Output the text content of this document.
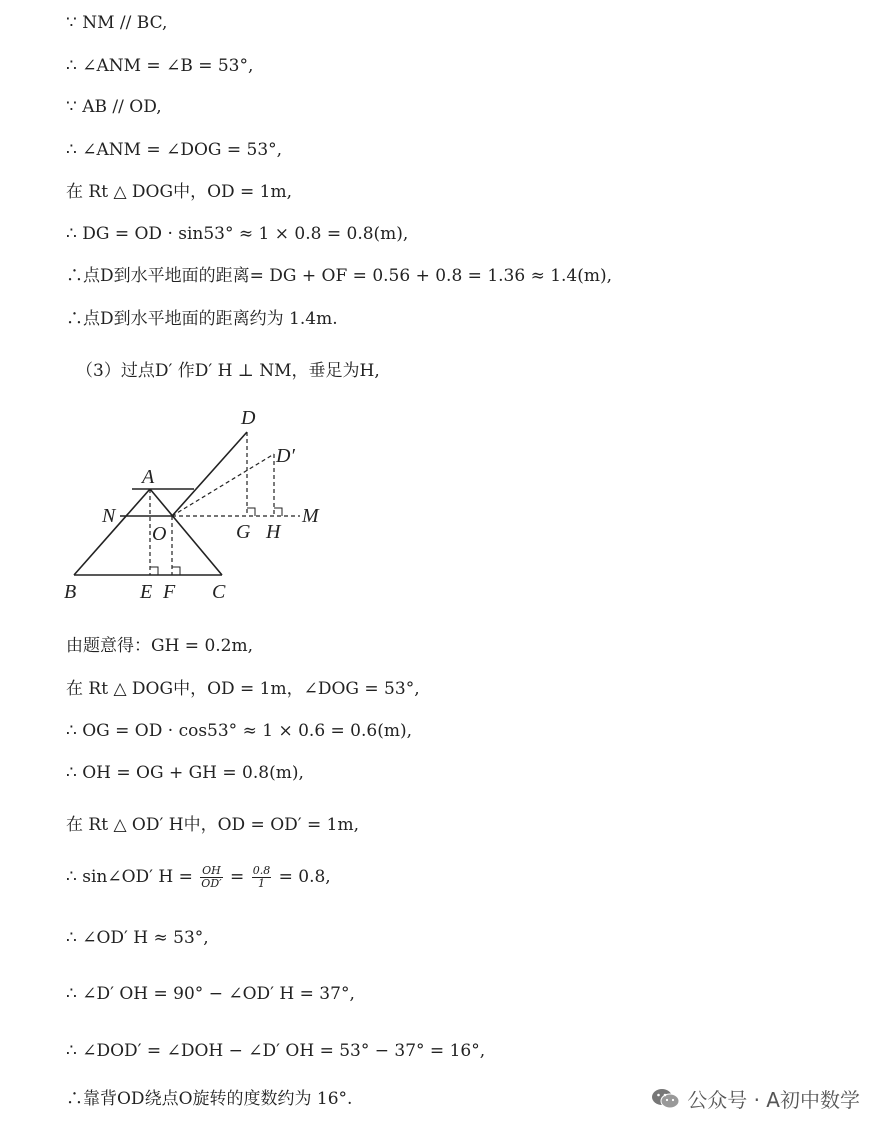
∵ NM // BC,
∴ ∠ANM = ∠B = 53°,
∵ AB // OD,
∴ ∠ANM = ∠DOG = 53°,
在 Rt △ DOG中，OD = 1m,
∴ DG = OD · sin53° ≈ 1 × 0.8 = 0.8(m),
∴点D到水平地面的距离= DG + OF = 0.56 + 0.8 = 1.36 ≈ 1.4(m),
∴点D到水平地面的距离约为 1.4m.
（3）过点D′ 作D′ H ⊥ NM，垂足为H,
D
D′
A
N
O	G H
M
B	E F C
由题意得：GH = 0.2m,
在 Rt △ DOG中，OD = 1m，∠DOG = 53°,
∴ OG = OD · cos53° ≈ 1 × 0.6 = 0.6(m),
∴ OH = OG + GH = 0.8(m),
在 Rt △ OD′ H中，OD = OD′ = 1m,
∴ sin∠OD′ $H = \frac{OH}{OD'} = \frac{0.8}{1} = 0.8$,
∴ ∠OD′ H ≈ 53°,
∴ ∠D′ OH = 90° − ∠OD′ H = 37°,
∴ ∠DOD′ = ∠DOH − ∠D′ OH = 53° − 37° = 16°,
∴靠背OD绕点O旋转的度数约为 16°.	公众号 · A初中数学
